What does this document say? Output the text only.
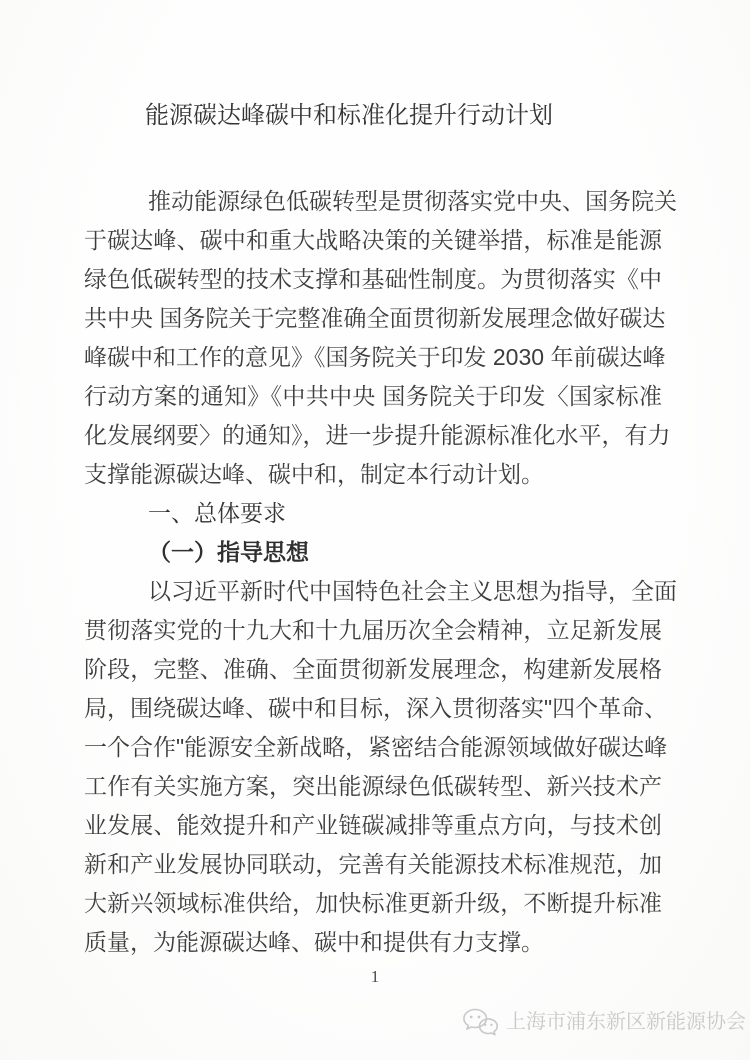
能源碳达峰碳中和标准化提升行动计划
推动能源绿色低碳转型是贯彻落实党中央、国务院关
于碳达峰、碳中和重大战略决策的关键举措，标准是能源
绿色低碳转型的技术支撑和基础性制度。为贯彻落实《中
共中央 国务院关于完整准确全面贯彻新发展理念做好碳达
峰碳中和工作的意见》《国务院关于印发 2030 年前碳达峰
行动方案的通知》《中共中央 国务院关于印发〈国家标准
化发展纲要〉的通知》，进一步提升能源标准化水平，有力
支撑能源碳达峰、碳中和，制定本行动计划。
一、总体要求
（一）指导思想
以习近平新时代中国特色社会主义思想为指导，全面
贯彻落实党的十九大和十九届历次全会精神，立足新发展
阶段，完整、准确、全面贯彻新发展理念，构建新发展格
局，围绕碳达峰、碳中和目标，深入贯彻落实"四个革命、
一个合作"能源安全新战略，紧密结合能源领域做好碳达峰
工作有关实施方案，突出能源绿色低碳转型、新兴技术产
业发展、能效提升和产业链碳减排等重点方向，与技术创
新和产业发展协同联动，完善有关能源技术标准规范，加
大新兴领域标准供给，加快标准更新升级，不断提升标准
质量，为能源碳达峰、碳中和提供有力支撑。
1
上海市浦东新区新能源协会
